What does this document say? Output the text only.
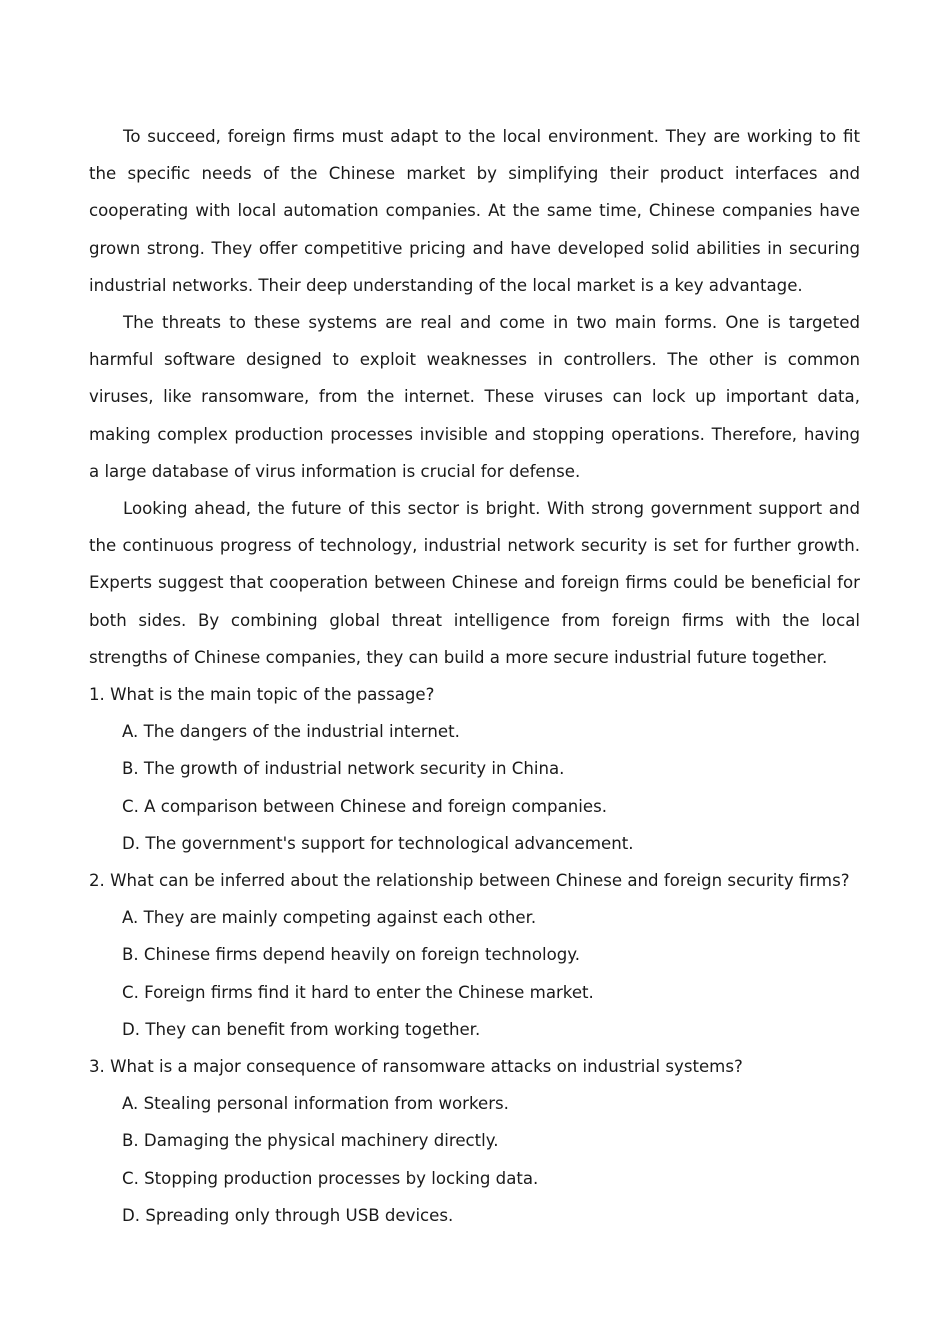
To succeed, foreign firms must adapt to the local environment. They are working to fit the specific needs of the Chinese market by simplifying their product interfaces and cooperating with local automation companies. At the same time, Chinese companies have grown strong. They offer competitive pricing and have developed solid abilities in securing industrial networks. Their deep understanding of the local market is a key advantage.

The threats to these systems are real and come in two main forms. One is targeted harmful software designed to exploit weaknesses in controllers. The other is common viruses, like ransomware, from the internet. These viruses can lock up important data, making complex production processes invisible and stopping operations. Therefore, having a large database of virus information is crucial for defense.

Looking ahead, the future of this sector is bright. With strong government support and the continuous progress of technology, industrial network security is set for further growth. Experts suggest that cooperation between Chinese and foreign firms could be beneficial for both sides. By combining global threat intelligence from foreign firms with the local strengths of Chinese companies, they can build a more secure industrial future together.

1. What is the main topic of the passage?

A. The dangers of the industrial internet.

B. The growth of industrial network security in China.

C. A comparison between Chinese and foreign companies.

D. The government's support for technological advancement.

2. What can be inferred about the relationship between Chinese and foreign security firms?

A. They are mainly competing against each other.

B. Chinese firms depend heavily on foreign technology.

C. Foreign firms find it hard to enter the Chinese market.

D. They can benefit from working together.

3. What is a major consequence of ransomware attacks on industrial systems?

A. Stealing personal information from workers.

B. Damaging the physical machinery directly.

C. Stopping production processes by locking data.

D. Spreading only through USB devices.
